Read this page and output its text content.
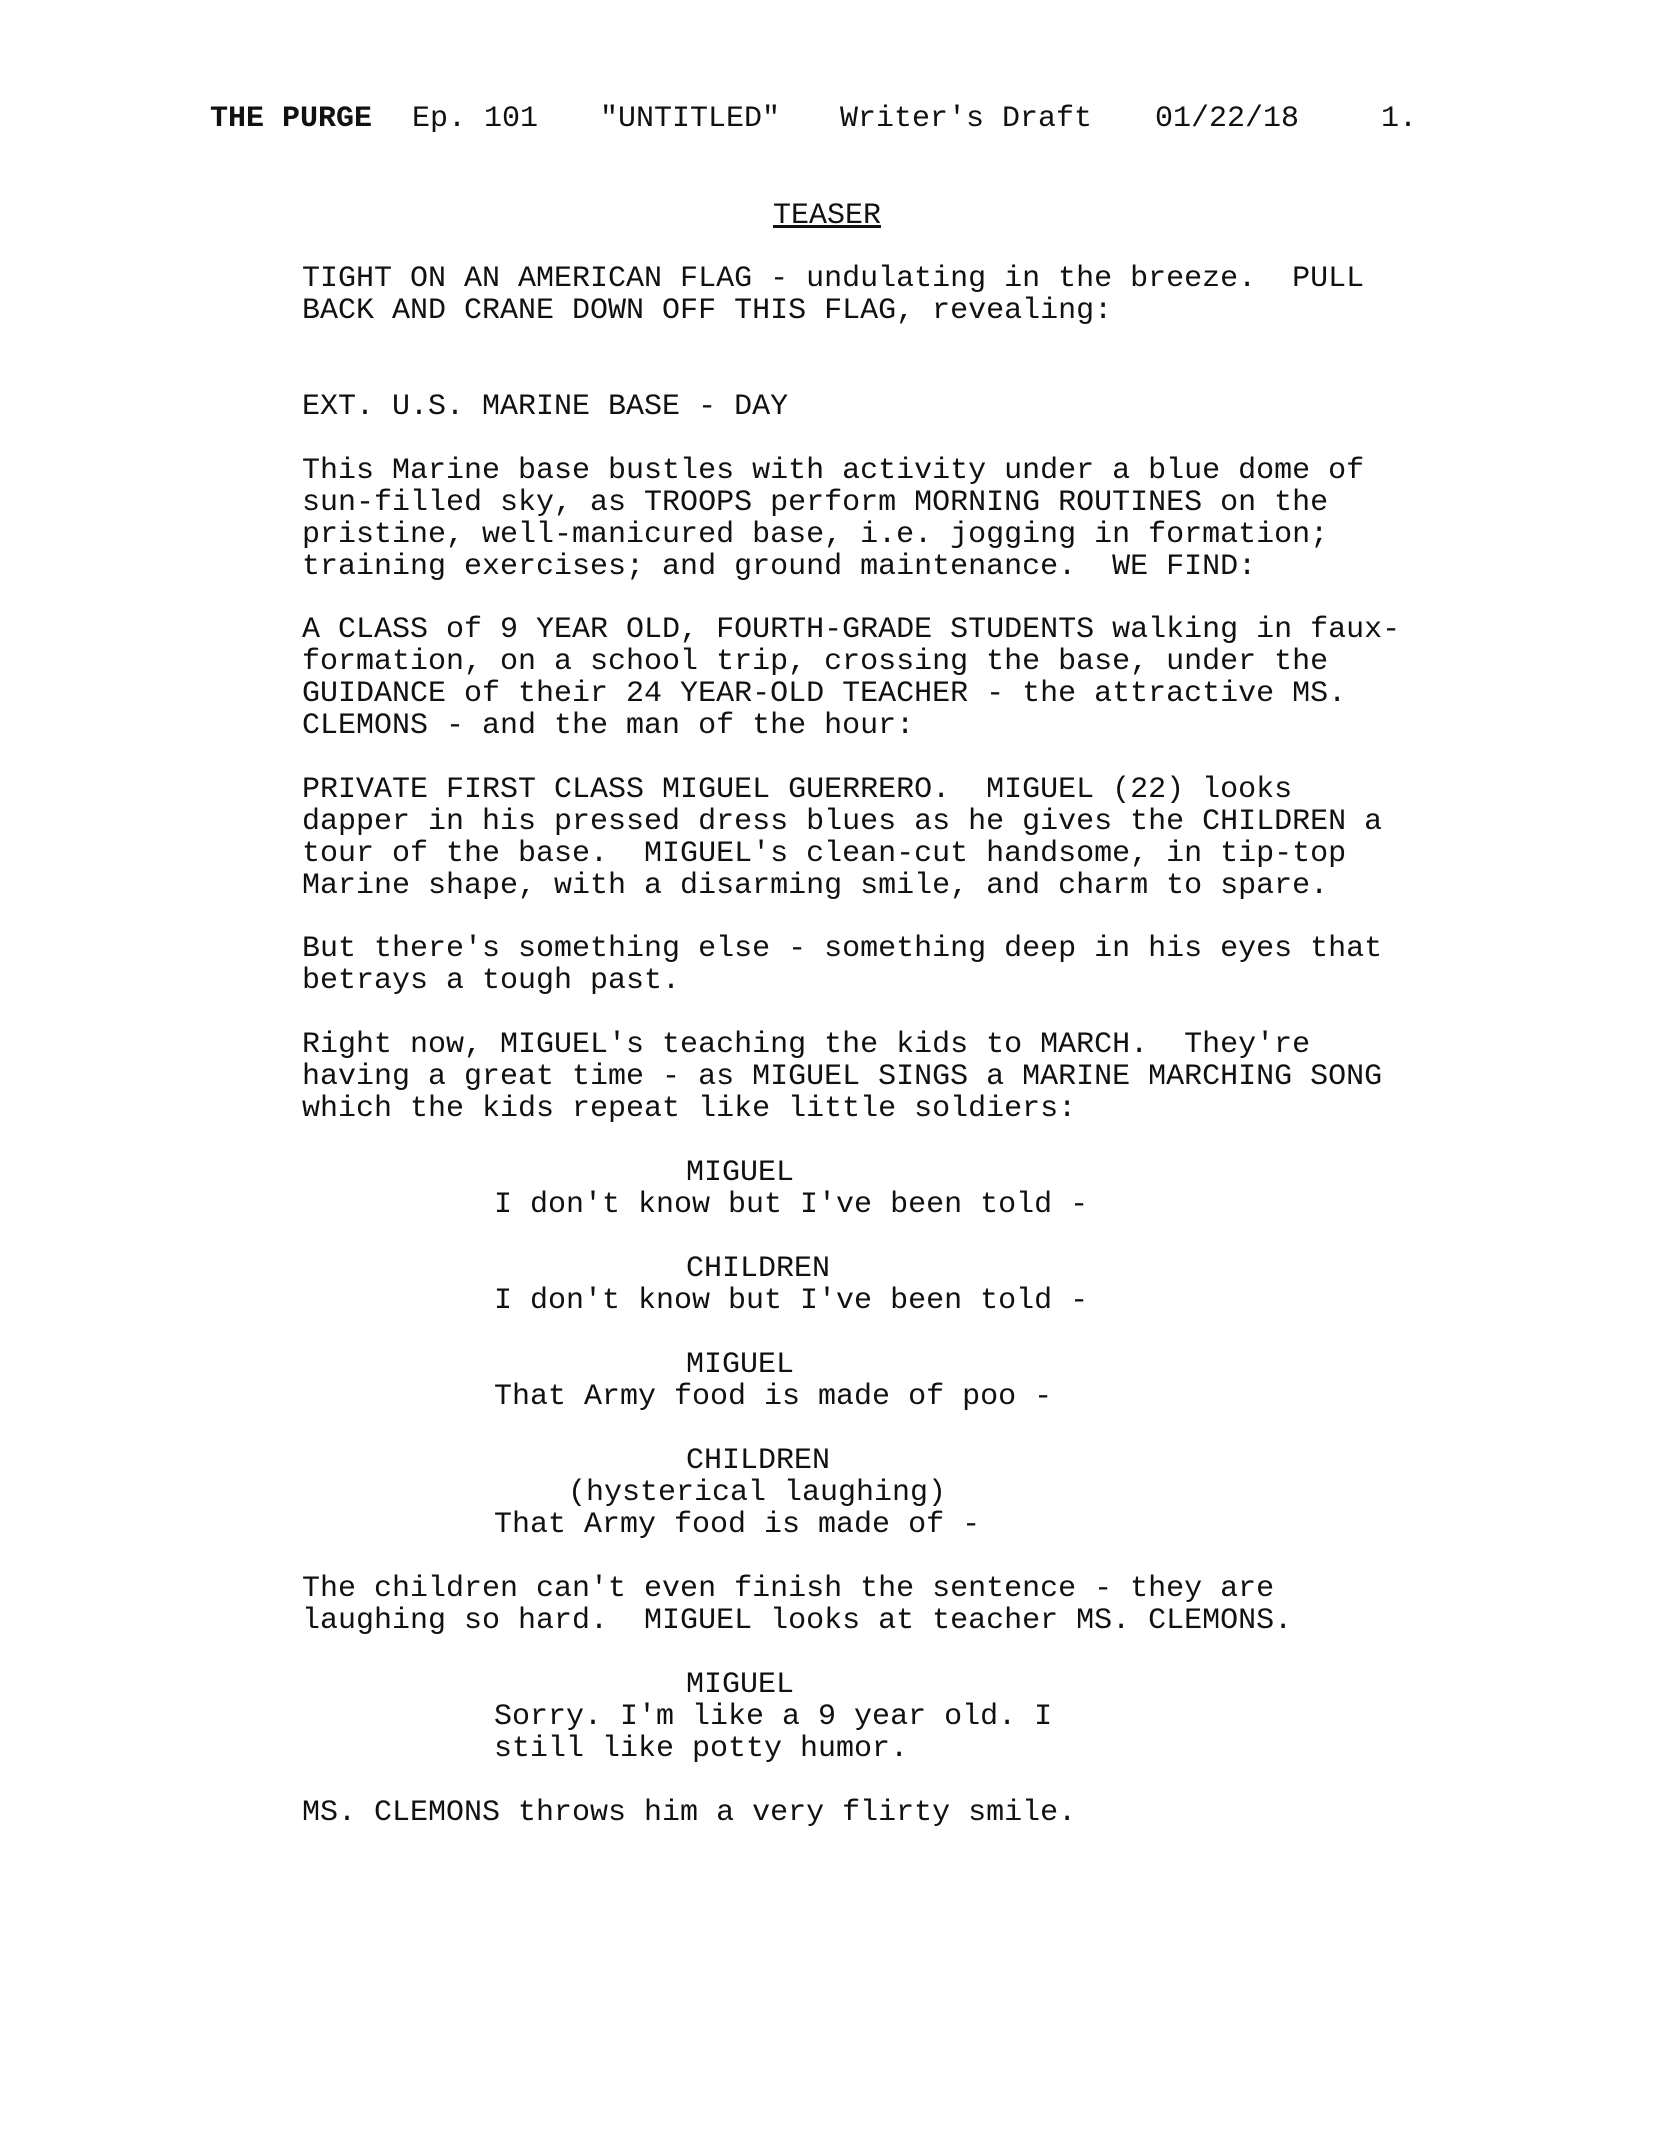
THE PURGE Ep. 101 "UNTITLED" Writer's Draft 01/22/18	1.
TEASER
TIGHT ON AN AMERICAN FLAG - undulating in the breeze.  PULL
BACK AND CRANE DOWN OFF THIS FLAG, revealing:
EXT. U.S. MARINE BASE - DAY
This Marine base bustles with activity under a blue dome of
sun-filled sky, as TROOPS perform MORNING ROUTINES on the
pristine, well-manicured base, i.e. jogging in formation;
training exercises; and ground maintenance.  WE FIND:
A CLASS of 9 YEAR OLD, FOURTH-GRADE STUDENTS walking in faux-
formation, on a school trip, crossing the base, under the
GUIDANCE of their 24 YEAR-OLD TEACHER - the attractive MS.
CLEMONS - and the man of the hour:
PRIVATE FIRST CLASS MIGUEL GUERRERO.  MIGUEL (22) looks
dapper in his pressed dress blues as he gives the CHILDREN a
tour of the base.  MIGUEL's clean-cut handsome, in tip-top
Marine shape, with a disarming smile, and charm to spare.
But there's something else - something deep in his eyes that
betrays a tough past.
Right now, MIGUEL's teaching the kids to MARCH.  They're
having a great time - as MIGUEL SINGS a MARINE MARCHING SONG
which the kids repeat like little soldiers:
MIGUEL
I don't know but I've been told -
CHILDREN
I don't know but I've been told -
MIGUEL
That Army food is made of poo -
CHILDREN
(hysterical laughing)
That Army food is made of -
The children can't even finish the sentence - they are
laughing so hard.  MIGUEL looks at teacher MS. CLEMONS.
MIGUEL
Sorry. I'm like a 9 year old. I
still like potty humor.
MS. CLEMONS throws him a very flirty smile.
